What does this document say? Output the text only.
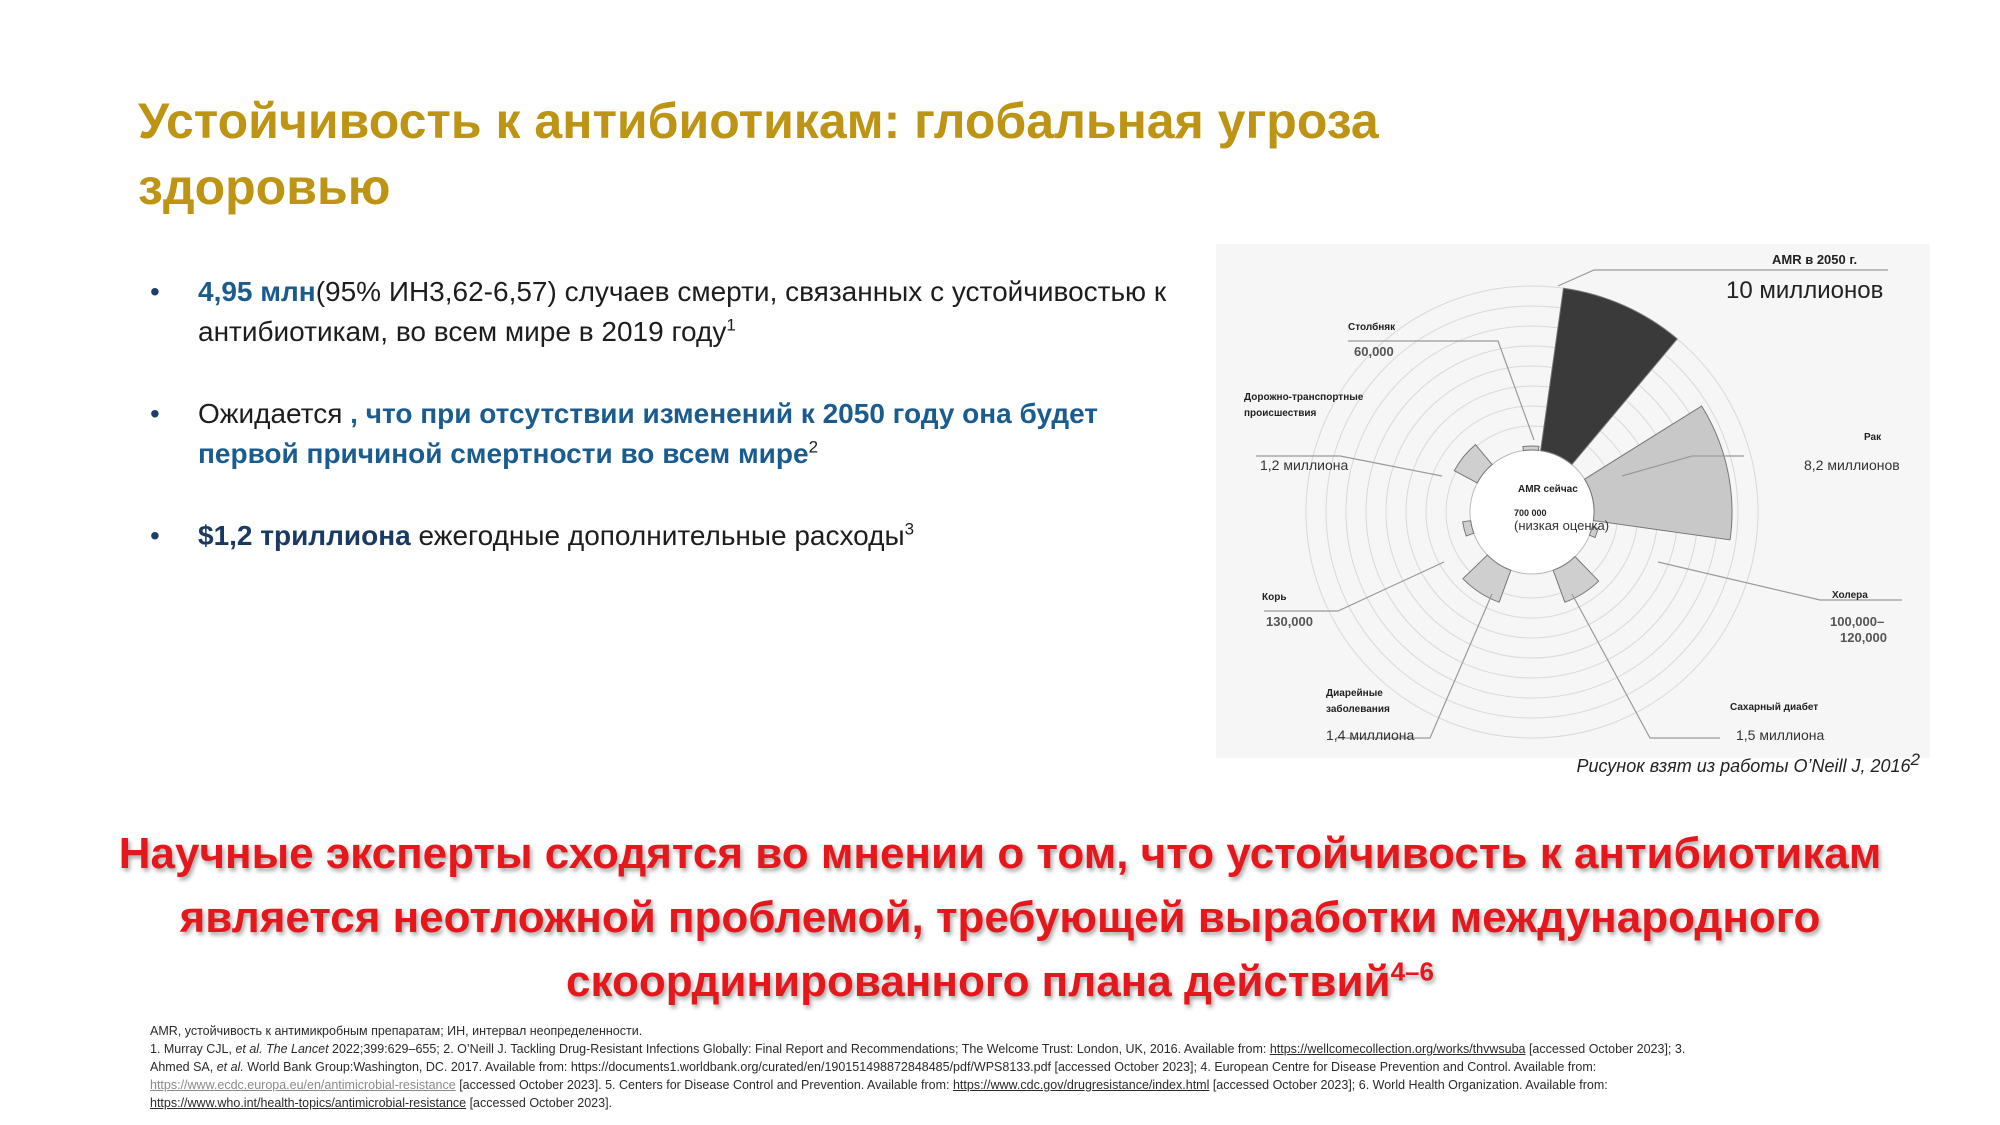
Устойчивость к антибиотикам: глобальная угроза здоровью
• 4,95 млн(95% ИН3,62-6,57) случаев смерти, связанных с устойчивостью к антибиотикам, во всем мире в 2019 году$^1$
• Ожидается , что при отсутствии изменений к 2050 году она будет первой причиной смертности во всем мире$^2$
• $1,2 триллиона ежегодные дополнительные расходы$^3$
AMR в 2050 г.
10 миллионов
Столбняк
60,000
Дорожно-транспортные
происшествия
1,2 миллиона
Рак
8,2 миллионов
AMR сейчас
700 000
(низкая оценка)
Корь
130,000
Холера
100,000–
120,000
Диарейные
заболевания
1,4 миллиона
Сахарный диабет
1,5 миллиона
Рисунок взят из работы O’Neill J, 2016$^2$
Научные эксперты сходятся во мнении о том, что устойчивость к антибиотикам является неотложной проблемой, требующей выработки международного скоординированного плана действий$^{4-6}$
AMR, устойчивость к антимикробным препаратам; ИН, интервал неопределенности.
1. Murray CJL, et al. The Lancet 2022;399:629–655; 2. O’Neill J. Tackling Drug-Resistant Infections Globally: Final Report and Recommendations; The Welcome Trust: London, UK, 2016. Available from: https://wellcomecollection.org/works/thvwsuba [accessed October 2023]; 3.
Ahmed SA, et al. World Bank Group:Washington, DC. 2017. Available from: https://documents1.worldbank.org/curated/en/190151498872848485/pdf/WPS8133.pdf [accessed October 2023]; 4. European Centre for Disease Prevention and Control. Available from:
https://www.ecdc.europa.eu/en/antimicrobial-resistance [accessed October 2023]. 5. Centers for Disease Control and Prevention. Available from: https://www.cdc.gov/drugresistance/index.html [accessed October 2023]; 6. World Health Organization. Available from:
https://www.who.int/health-topics/antimicrobial-resistance [accessed October 2023].
